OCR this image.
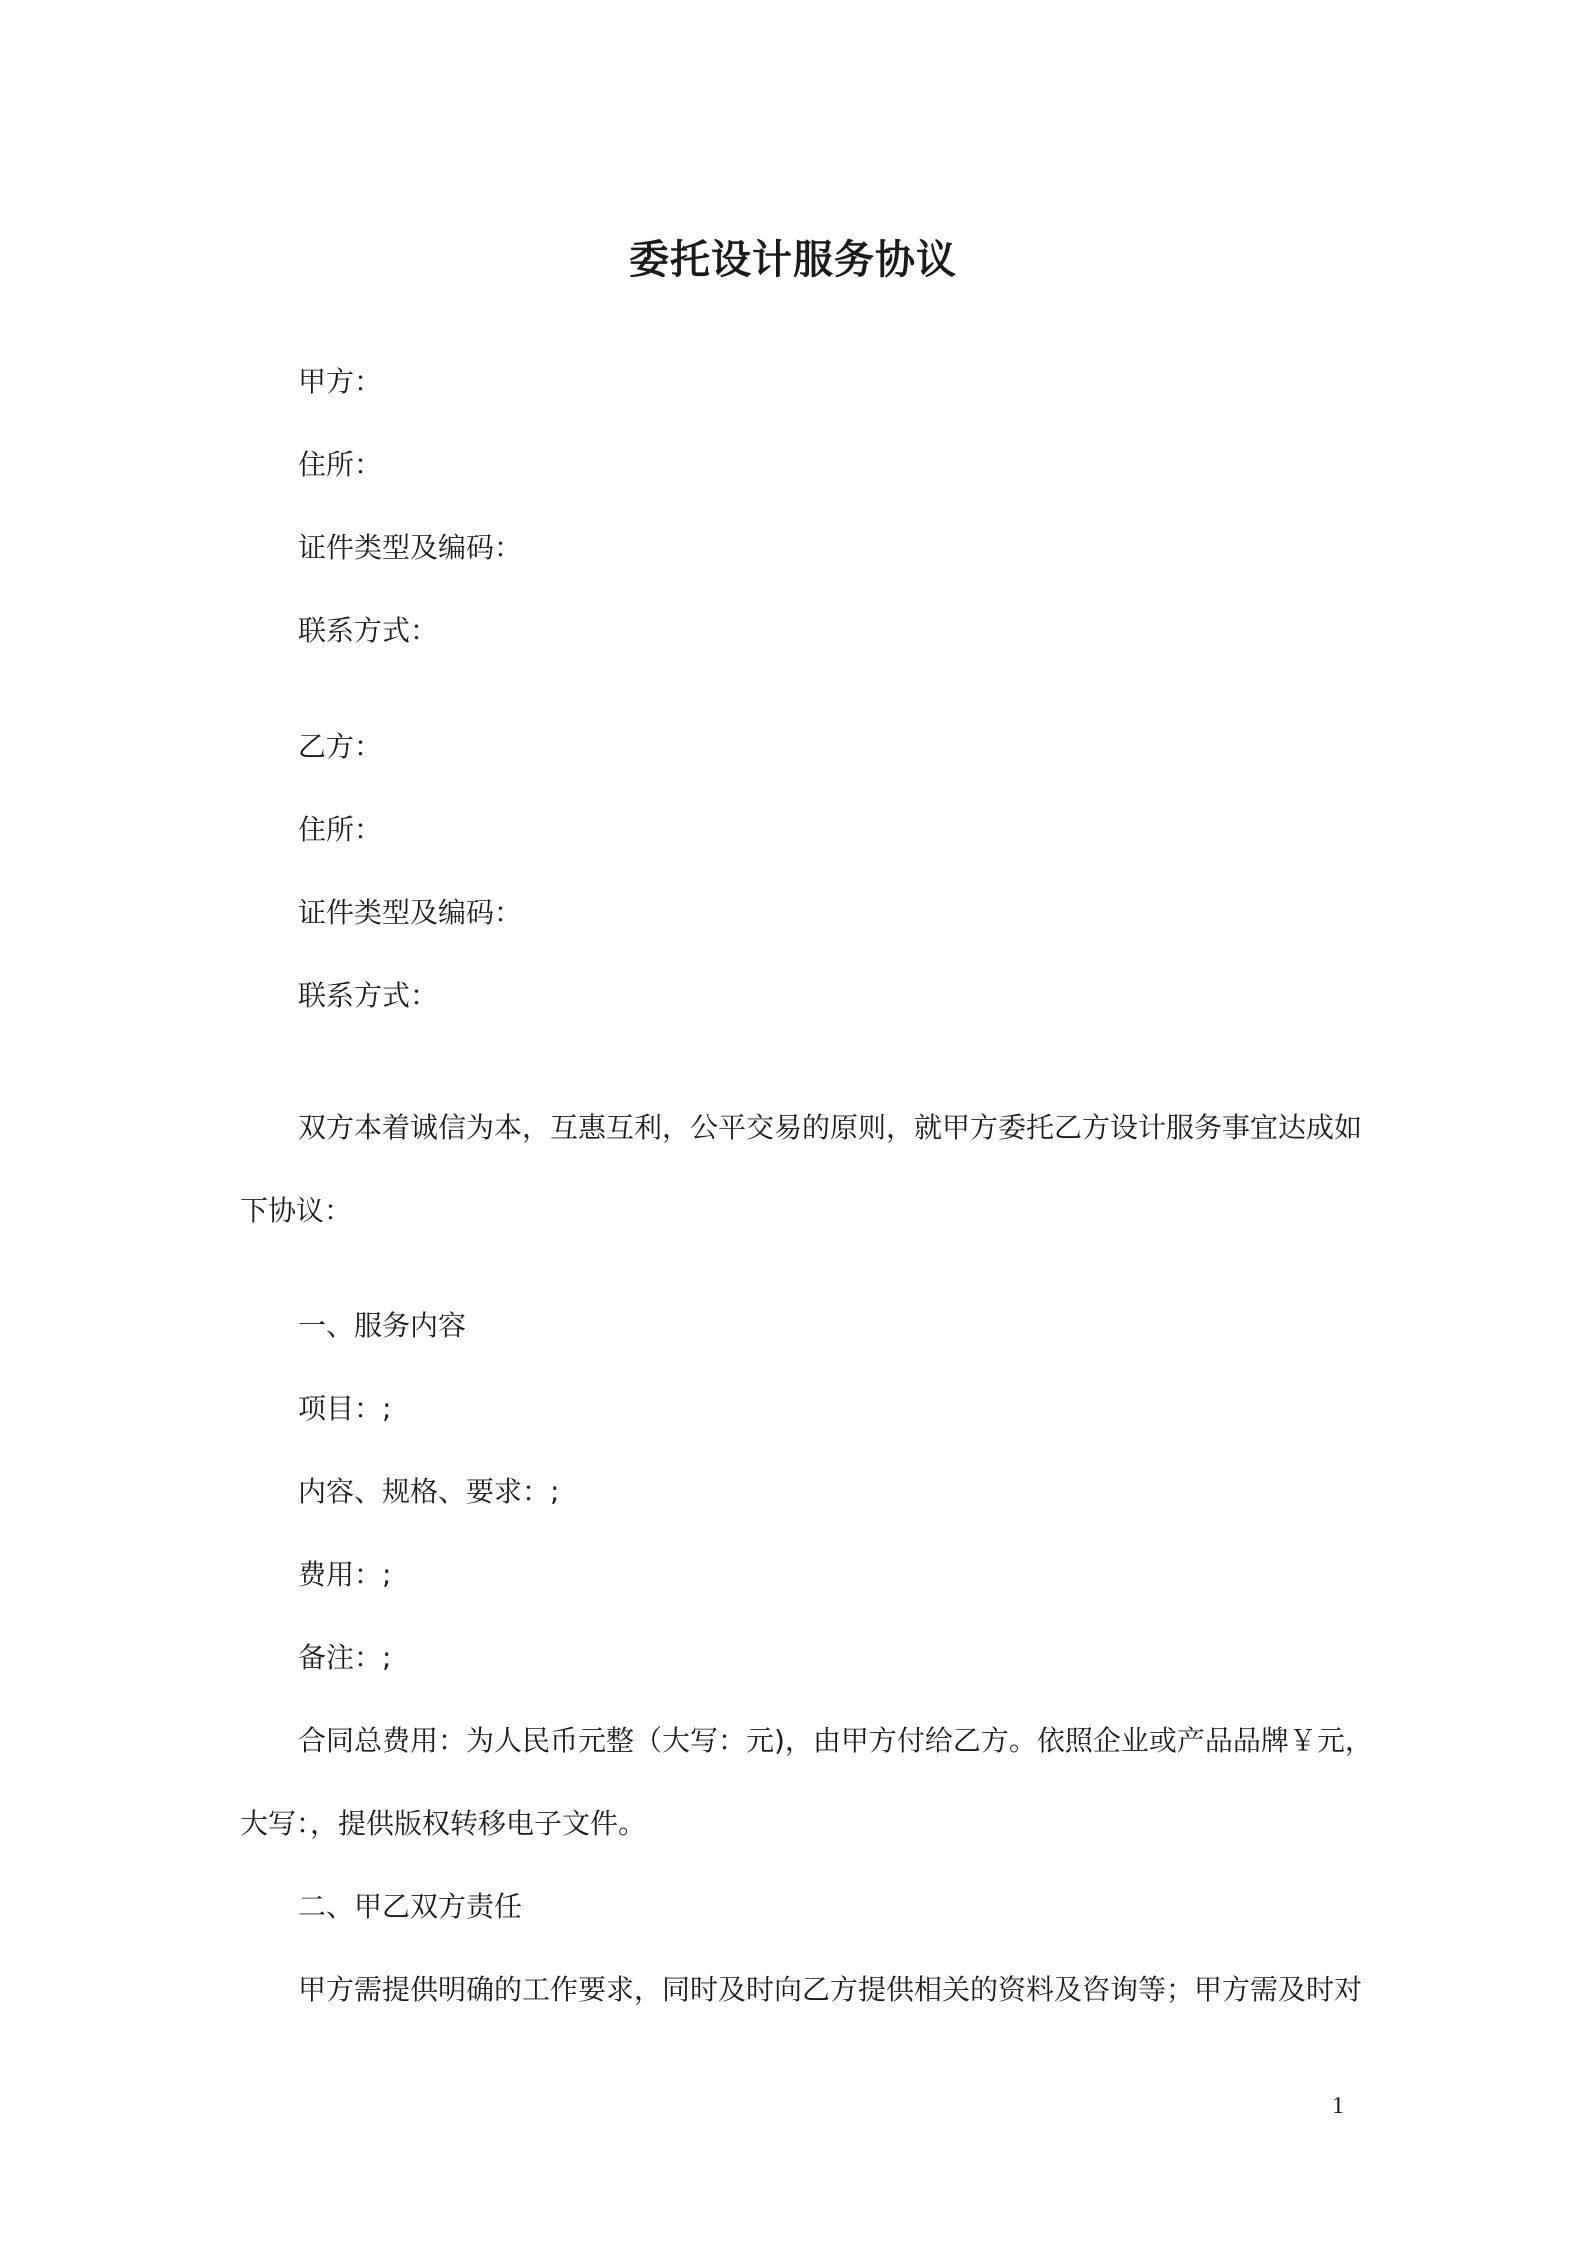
委托设计服务协议
甲方：
住所：
证件类型及编码：
联系方式：
乙方：
住所：
证件类型及编码：
联系方式：
双方本着诚信为本，互惠互利，公平交易的原则，就甲方委托乙方设计服务事宜达成如
下协议：
一、服务内容
项目：;
内容、规格、要求：;
费用：;
备注：;
合同总费用：为人民币元整（大写：元)，由甲方付给乙方。依照企业或产品品牌￥元，
大写：，提供版权转移电子文件。
二、甲乙双方责任
甲方需提供明确的工作要求，同时及时向乙方提供相关的资料及咨询等；甲方需及时对
1
